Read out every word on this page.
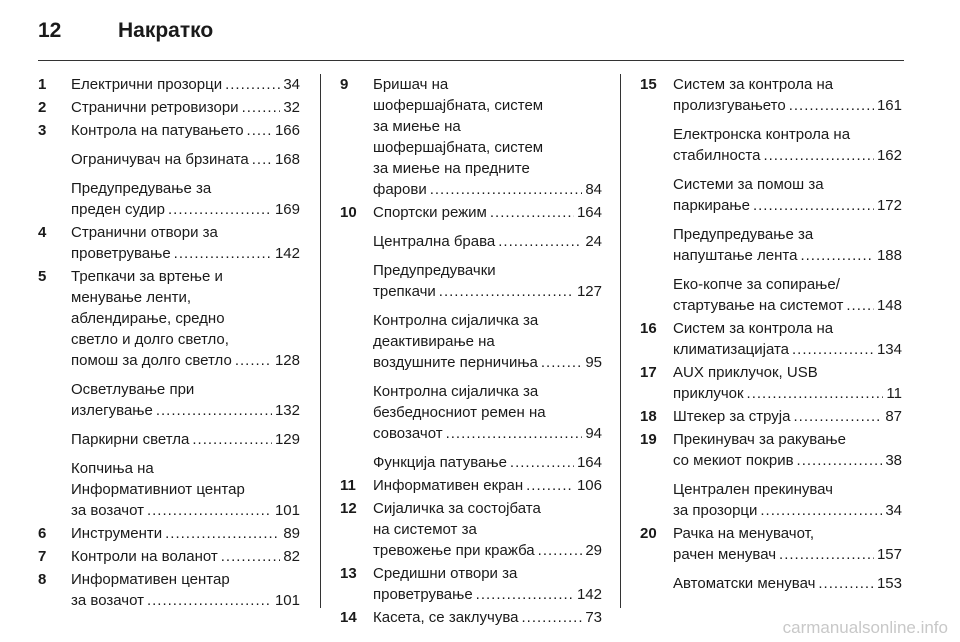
12	Накратко
1 Електрични прозорци .....	34
2 Странични ретровизори .....	32
3 Контрола на патувањето ..... 166
Ограничувач на брзината ..... 168
Предупредување за
преден судир .....	169
4 Странични отвори за
проветрување .....	142
5 Трепкачи за вртење и
менување ленти,
аблендирање, средно
светло и долго светло,
помош за долго светло .....	128
Осветлување при
излегување .....	132
Паркирни светла .....	129
Копчиња на
Информативниот центар
за возачот .....	101
6 Инструменти .....	89
7 Контроли на воланот .....	82
8 Информативен центар
за возачот .....	101
9 Бришач на
шофершајбната, систем
за миење на
шофершајбната, систем
за миење на предните
фарови .....	84
10 Спортски режим .....	164
Централна брава .....	24
Предупредувачки
трепкачи .....	127
Контролна сијаличка за
деактивирање на
воздушните перничиња .....	95
Контролна сијаличка за
безбедносниот ремен на
совозачот .....	94
Функција патување .....	164
11 Информативен екран .....	106
12 Сијаличка за состојбата
на системот за
тревожење при кражба .....	29
13 Средишни отвори за
проветрување .....	142
14 Касета, се заклучува .....	73
15 Систем за контрола на
пролизгувањето .....	161
Електронска контрола на
стабилноста .....	162
Системи за помош за
паркирање .....	172
Предупредување за
напуштање лента .....	188
Еко-копче за сопирање/
стартување на системот ..... 148
16 Систем за контрола на
климатизацијата .....	134
17 AUX приклучок, USB
приклучок .....	11
18 Штекер за струја .....	87
19 Прекинувач за ракување
со мекиот покрив .....	38
Централен прекинувач
за прозорци .....	34
20 Рачка на менувачот,
рачен менувач .....	157
Автоматски менувач .....	153
carmanualsonline.info
